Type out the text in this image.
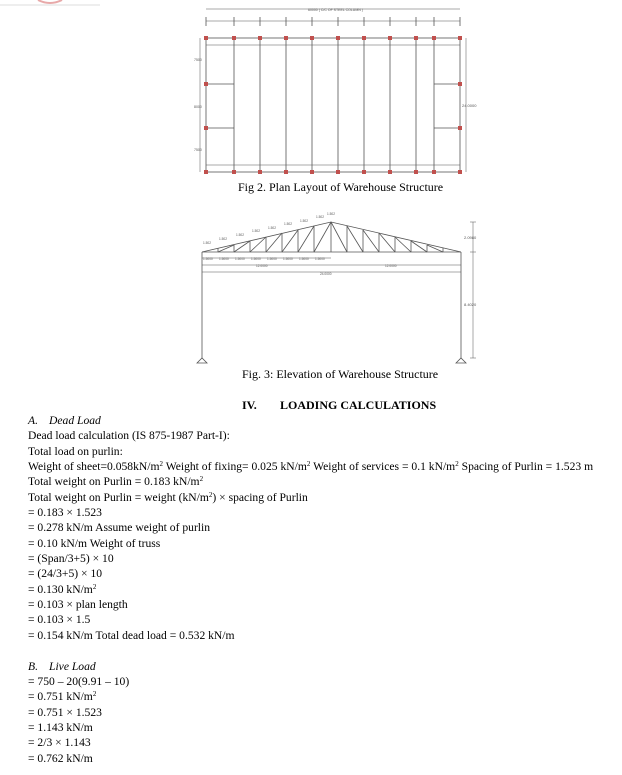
60000 ( C/C OF STEEL COLUMN )
24.0000
7500
8000
7500
Fig 2. Plan Layout of Warehouse Structure
1.502
1.502
1.502
1.502
1.502
1.502
1.502
1.502
1.502
1.5000 1.5000 1.5000 1.5000 1.5000 1.5000 1.5000 1.5000
12.0000	12.0000
24.0000
2.0980
8.4020
Fig. 3: Elevation of Warehouse Structure
IV. LOADING CALCULATIONS
A. Dead Load
Dead load calculation (IS 875-1987 Part-I):
Total load on purlin:
Weight of $sheet=0.058kN/m^2$ Weight of fixing= 0.025 $kN/m^2$ Weight of services = 0.1 $kN/m^2$ Spacing of Purlin = 1.523 m
Total weight on Purlin = 0.183 $kN/m^2$
Total weight on Purlin = weight $(kN/m^2)$ × spacing of Purlin
= 0.183 × 1.523
= 0.278 kN/m Assume weight of purlin
= 0.10 kN/m Weight of truss
= (Span/3+5) × 10
= (24/3+5) × 10
= 0.130 $kN/m^2$
= 0.103 × plan length
= 0.103 × 1.5
= 0.154 kN/m Total dead load = 0.532 kN/m
B. Live Load
= 750 – 20(9.91 – 10)
= 0.751 $kN/m^2$
= 0.751 × 1.523
= 1.143 kN/m
= 2/3 × 1.143
= 0.762 kN/m
